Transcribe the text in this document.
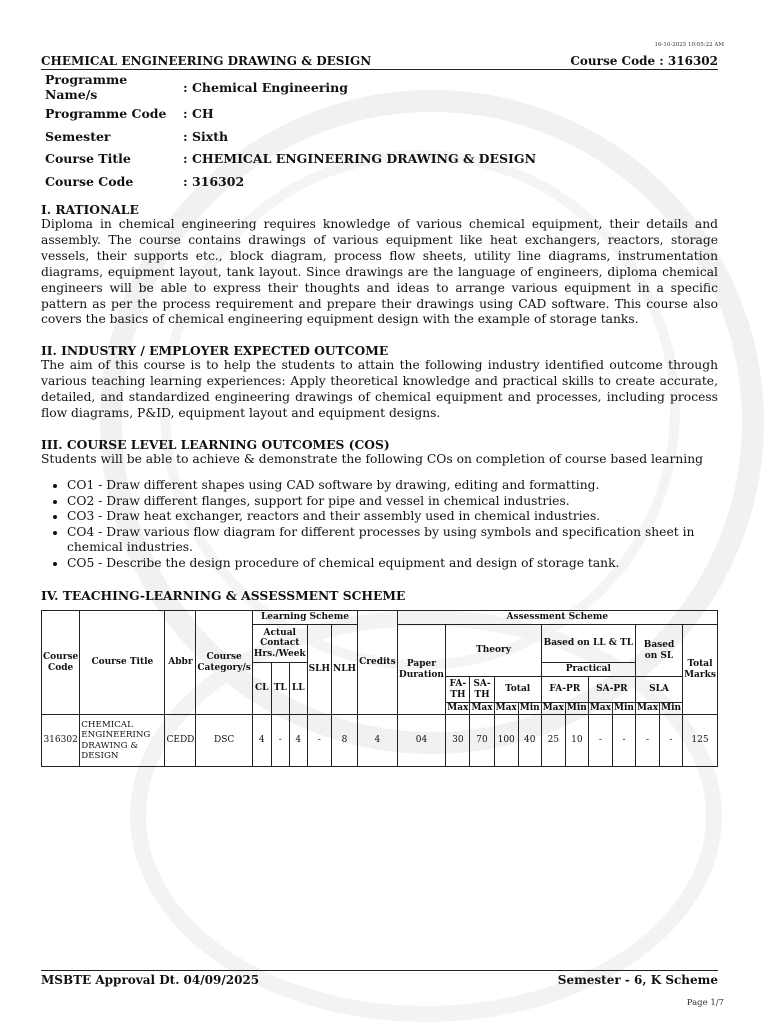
16-10-2025 10:05:22 AM
CHEMICAL ENGINEERING DRAWING & DESIGN	Course Code : 316302
Programme Name/s	: Chemical Engineering
Programme Code	: CH
Semester	: Sixth
Course Title	: CHEMICAL ENGINEERING DRAWING & DESIGN
Course Code	: 316302

I. RATIONALE

Diploma in chemical engineering requires knowledge of various chemical equipment, their details and assembly. The course contains drawings of various equipment like heat exchangers, reactors, storage vessels, their supports etc., block diagram, process flow sheets, utility line diagrams, instrumentation diagrams, equipment layout, tank layout. Since drawings are the language of engineers, diploma chemical engineers will be able to express their thoughts and ideas to arrange various equipment in a specific pattern as per the process requirement and prepare their drawings using CAD software. This course also covers the basics of chemical engineering equipment design with the example of storage tanks.

II. INDUSTRY / EMPLOYER EXPECTED OUTCOME

The aim of this course is to help the students to attain the following industry identified outcome through various teaching learning experiences: Apply theoretical knowledge and practical skills to create accurate, detailed, and standardized engineering drawings of chemical equipment and processes, including process flow diagrams, P&ID, equipment layout and equipment designs.

III. COURSE LEVEL LEARNING OUTCOMES (COS)

Students will be able to achieve & demonstrate the following COs on completion of course based learning

• CO1 - Draw different shapes using CAD software by drawing, editing and formatting.
• CO2 - Draw different flanges, support for pipe and vessel in chemical industries.
• CO3 - Draw heat exchanger, reactors and their assembly used in chemical industries.
• CO4 - Draw various flow diagram for different processes by using symbols and specification sheet in chemical industries.
• CO5 - Describe the design procedure of chemical equipment and design of storage tank.

IV. TEACHING-LEARNING & ASSESSMENT SCHEME

Course Code	Course Title	Abbr	Course Category/s	Learning Scheme					Credits	Assessment Scheme											
				Actual Contact Hrs./Week			SLH	NLH		Paper Duration	Theory				Based on LL & TL				Based on SL		Total Marks
				CL	TL	LL									Practical						
											FA-TH	SA-TH	Total		FA-PR		SA-PR		SLA		
											Max	Max	Max	Min	Max	Min	Max	Min	Max	Min	
316302	CHEMICAL ENGINEERING DRAWING & DESIGN	CEDD	DSC	4	-	4	-	8	4	04	30	70	100	40	25	10	-	-	-	-	125
MSBTE Approval Dt. 04/09/2025	Semester - 6, K Scheme
Page 1/7
